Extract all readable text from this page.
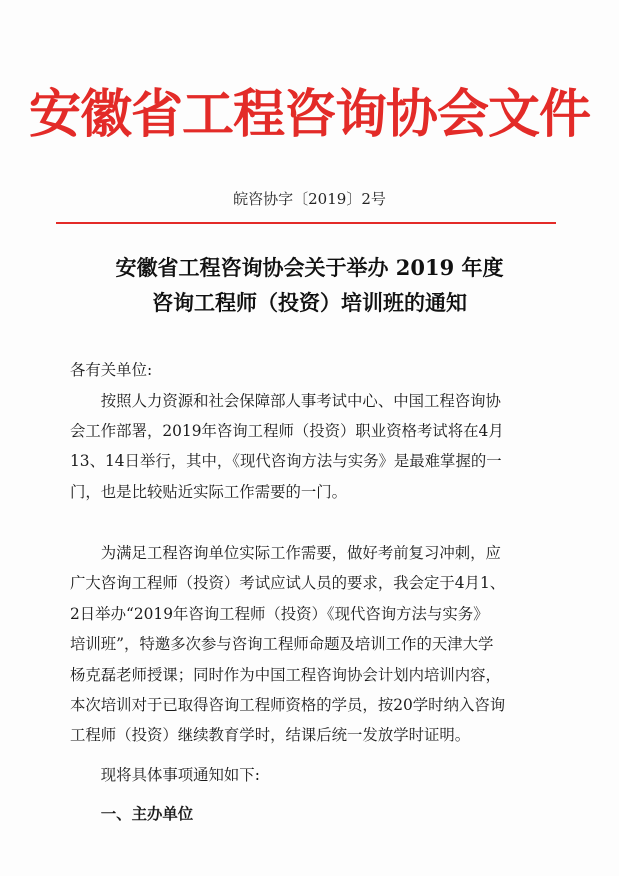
安徽省工程咨询协会文件
皖咨协字〔2019〕2号
安徽省工程咨询协会关于举办 2019 年度
咨询工程师（投资）培训班的通知
各有关单位:
　　按照人力资源和社会保障部人事考试中心、中国工程咨询协
会工作部署，2019年咨询工程师（投资）职业资格考试将在4月
13、14日举行，其中，《现代咨询方法与实务》是最难掌握的一
门，也是比较贴近实际工作需要的一门。
　　为满足工程咨询单位实际工作需要，做好考前复习冲刺，应
广大咨询工程师（投资）考试应试人员的要求，我会定于4月1、
2日举办“2019年咨询工程师（投资）《现代咨询方法与实务》
培训班”，特邀多次参与咨询工程师命题及培训工作的天津大学
杨克磊老师授课；同时作为中国工程咨询协会计划内培训内容，
本次培训对于已取得咨询工程师资格的学员，按20学时纳入咨询
工程师（投资）继续教育学时，结课后统一发放学时证明。
　　现将具体事项通知如下:
　　一、主办单位
